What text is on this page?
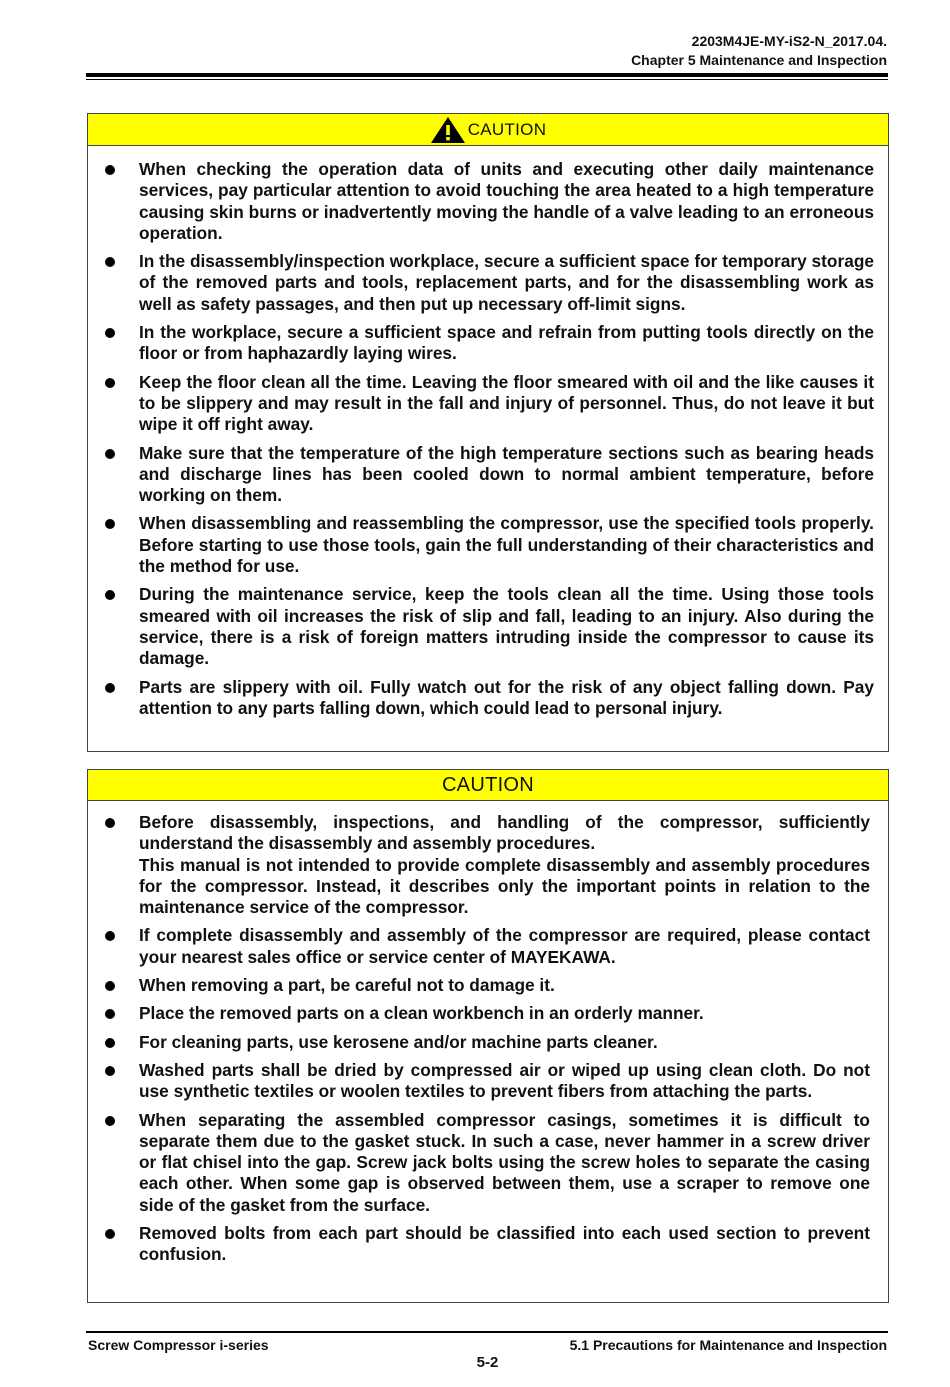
2203M4JE-MY-iS2-N_2017.04.
Chapter 5 Maintenance and Inspection
CAUTION
When checking the operation data of units and executing other daily maintenance services, pay particular attention to avoid touching the area heated to a high temperature causing skin burns or inadvertently moving the handle of a valve leading to an erroneous operation.
In the disassembly/inspection workplace, secure a sufficient space for temporary storage of the removed parts and tools, replacement parts, and for the disassembling work as well as safety passages, and then put up necessary off-limit signs.
In the workplace, secure a sufficient space and refrain from putting tools directly on the floor or from haphazardly laying wires.
Keep the floor clean all the time. Leaving the floor smeared with oil and the like causes it to be slippery and may result in the fall and injury of personnel. Thus, do not leave it but wipe it off right away.
Make sure that the temperature of the high temperature sections such as bearing heads and discharge lines has been cooled down to normal ambient temperature, before working on them.
When disassembling and reassembling the compressor, use the specified tools properly. Before starting to use those tools, gain the full understanding of their characteristics and the method for use.
During the maintenance service, keep the tools clean all the time. Using those tools smeared with oil increases the risk of slip and fall, leading to an injury. Also during the service, there is a risk of foreign matters intruding inside the compressor to cause its damage.
Parts are slippery with oil. Fully watch out for the risk of any object falling down. Pay attention to any parts falling down, which could lead to personal injury.
CAUTION
Before disassembly, inspections, and handling of the compressor, sufficiently understand the disassembly and assembly procedures.
This manual is not intended to provide complete disassembly and assembly procedures for the compressor. Instead, it describes only the important points in relation to the maintenance service of the compressor.
If complete disassembly and assembly of the compressor are required, please contact your nearest sales office or service center of MAYEKAWA.
When removing a part, be careful not to damage it.
Place the removed parts on a clean workbench in an orderly manner.
For cleaning parts, use kerosene and/or machine parts cleaner.
Washed parts shall be dried by compressed air or wiped up using clean cloth. Do not use synthetic textiles or woolen textiles to prevent fibers from attaching the parts.
When separating the assembled compressor casings, sometimes it is difficult to separate them due to the gasket stuck. In such a case, never hammer in a screw driver or flat chisel into the gap. Screw jack bolts using the screw holes to separate the casing each other. When some gap is observed between them, use a scraper to remove one side of the gasket from the surface.
Removed bolts from each part should be classified into each used section to prevent confusion.
Screw Compressor i-series	5.1 Precautions for Maintenance and Inspection
5-2
